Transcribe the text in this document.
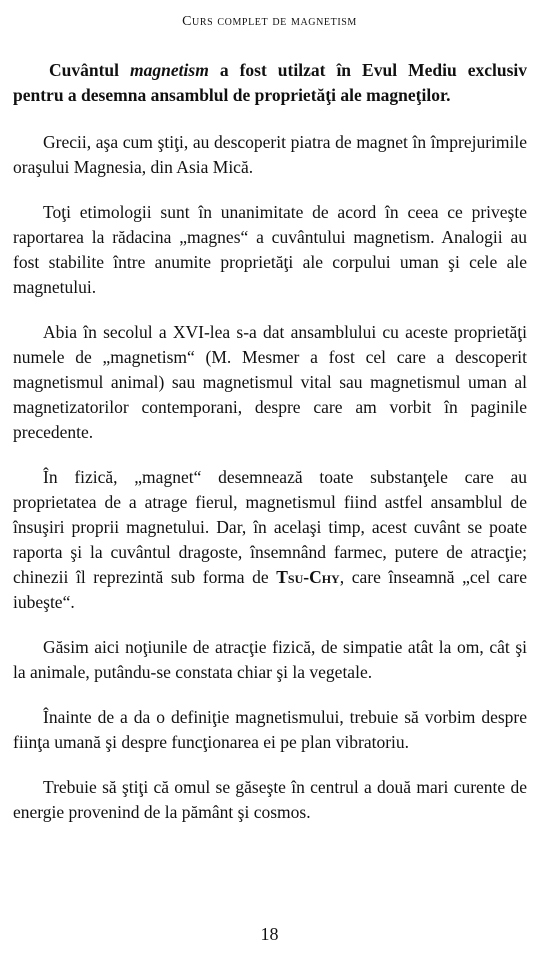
Curs complet de magnetism

Cuvântul magnetism a fost utilzat în Evul Mediu exclusiv pentru a desemna ansamblul de proprietăţi ale magneţilor.

Grecii, aşa cum ştiţi, au descoperit piatra de magnet în împrejurimile oraşului Magnesia, din Asia Mică.

Toţi etimologii sunt în unanimitate de acord în ceea ce priveşte raportarea la rădacina „magnes“ a cuvântului magnetism. Analogii au fost stabilite între anumite proprietăţi ale corpului uman şi cele ale magnetului.

Abia în secolul a XVI-lea s-a dat ansamblului cu aceste proprietăţi numele de „magnetism“ (M. Mesmer a fost cel care a descoperit magnetismul animal) sau magnetismul vital sau magnetismul uman al magnetizatorilor contemporani, despre care am vorbit în paginile precedente.

În fizică, „magnet“ desemnează toate substanţele care au proprietatea de a atrage fierul, magnetismul fiind astfel ansamblul de însuşiri proprii magnetului. Dar, în acelaşi timp, acest cuvânt se poate raporta şi la cuvântul dragoste, însemnând farmec, putere de atracţie; chinezii îl reprezintă sub forma de Tsu-Chy, care înseamnă „cel care iubeşte“.

Găsim aici noţiunile de atracţie fizică, de simpatie atât la om, cât şi la animale, putându-se constata chiar şi la vegetale.

Înainte de a da o definiţie magnetismului, trebuie să vorbim despre fiinţa umană şi despre funcţionarea ei pe plan vibratoriu.

Trebuie să ştiţi că omul se găseşte în centrul a două mari curente de energie provenind de la pământ şi cosmos.

18
